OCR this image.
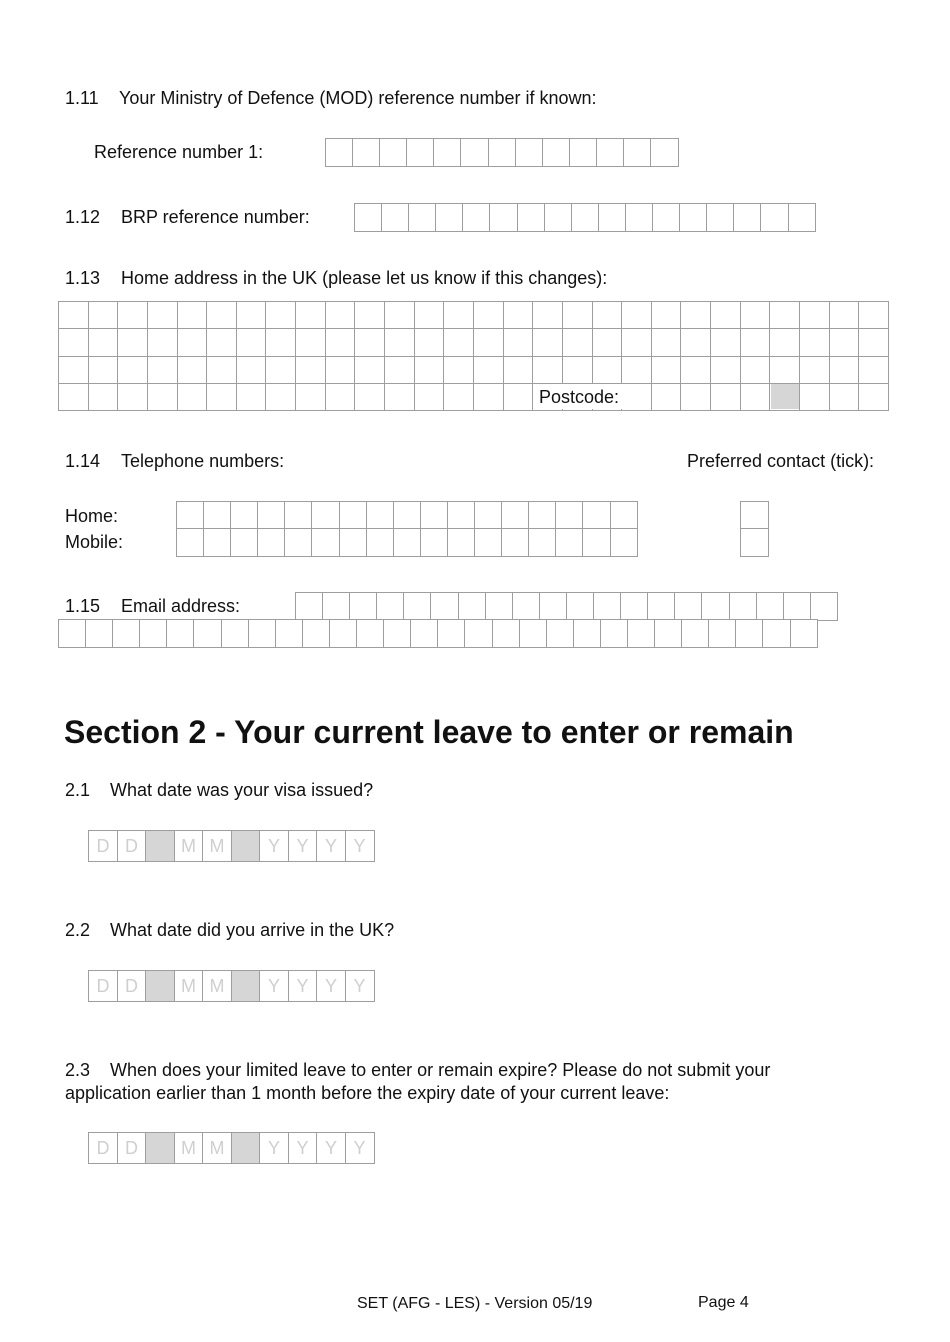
1.11 Your Ministry of Defence (MOD) reference number if known:
Reference number 1:
1.12 BRP reference number:
1.13 Home address in the UK (please let us know if this changes):
Postcode:
1.14 Telephone numbers:	Preferred contact (tick):
Home:
Mobile:
1.15 Email address:
Section 2 - Your current leave to enter or remain
2.1 What date was your visa issued?
D D	M M	Y Y Y Y
2.2 What date did you arrive in the UK?
D D	M M	Y Y Y Y
2.3 When does your limited leave to enter or remain expire? Please do not submit your
application earlier than 1 month before the expiry date of your current leave:
D D	M M	Y Y Y Y
SET (AFG - LES) - Version 05/19	Page 4
